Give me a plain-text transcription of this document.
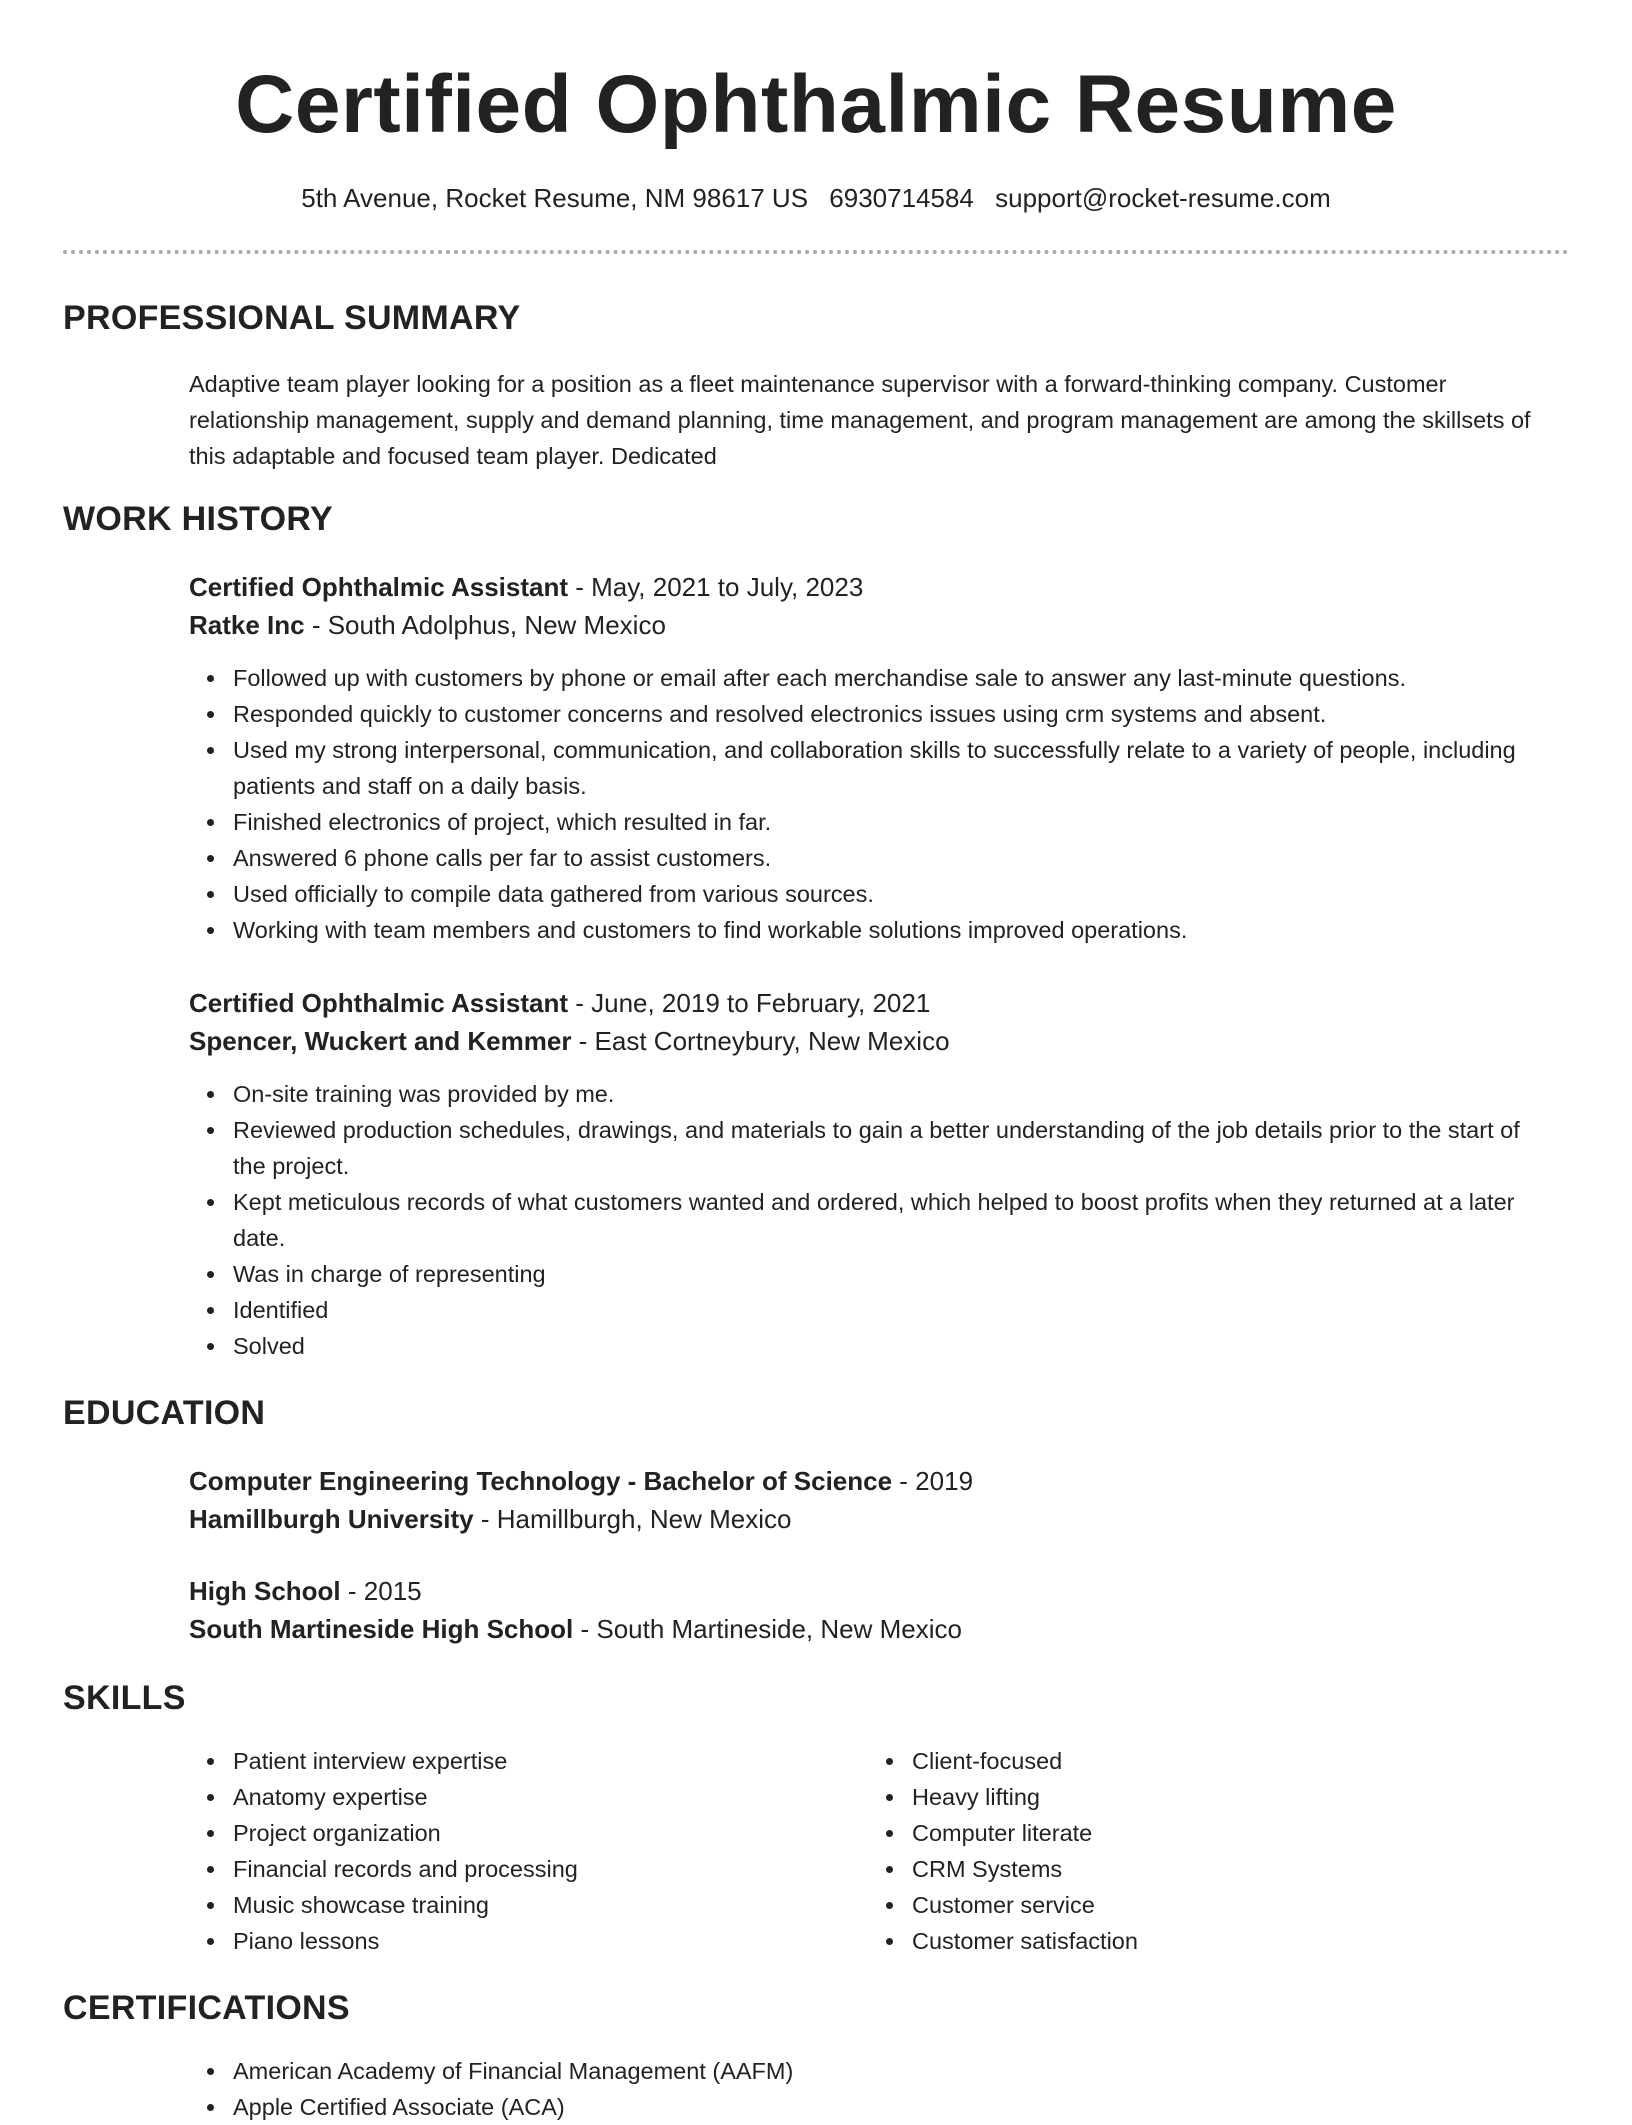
Certified Ophthalmic Resume
5th Avenue, Rocket Resume, NM 98617 US 6930714584 support@rocket-resume.com
PROFESSIONAL SUMMARY
Adaptive team player looking for a position as a fleet maintenance supervisor with a forward-thinking company. Customer relationship management, supply and demand planning, time management, and program management are among the skillsets of this adaptable and focused team player. Dedicated
WORK HISTORY
Certified Ophthalmic Assistant - May, 2021 to July, 2023
Ratke Inc - South Adolphus, New Mexico
Followed up with customers by phone or email after each merchandise sale to answer any last-minute questions.
Responded quickly to customer concerns and resolved electronics issues using crm systems and absent.
Used my strong interpersonal, communication, and collaboration skills to successfully relate to a variety of people, including patients and staff on a daily basis.
Finished electronics of project, which resulted in far.
Answered 6 phone calls per far to assist customers.
Used officially to compile data gathered from various sources.
Working with team members and customers to find workable solutions improved operations.
Certified Ophthalmic Assistant - June, 2019 to February, 2021
Spencer, Wuckert and Kemmer - East Cortneybury, New Mexico
On-site training was provided by me.
Reviewed production schedules, drawings, and materials to gain a better understanding of the job details prior to the start of the project.
Kept meticulous records of what customers wanted and ordered, which helped to boost profits when they returned at a later date.
Was in charge of representing
Identified
Solved
EDUCATION
Computer Engineering Technology - Bachelor of Science - 2019
Hamillburgh University - Hamillburgh, New Mexico
High School - 2015
South Martineside High School - South Martineside, New Mexico
SKILLS
Patient interview expertise
Anatomy expertise
Project organization
Financial records and processing
Music showcase training
Piano lessons
Client-focused
Heavy lifting
Computer literate
CRM Systems
Customer service
Customer satisfaction
CERTIFICATIONS
American Academy of Financial Management (AAFM)
Apple Certified Associate (ACA)
